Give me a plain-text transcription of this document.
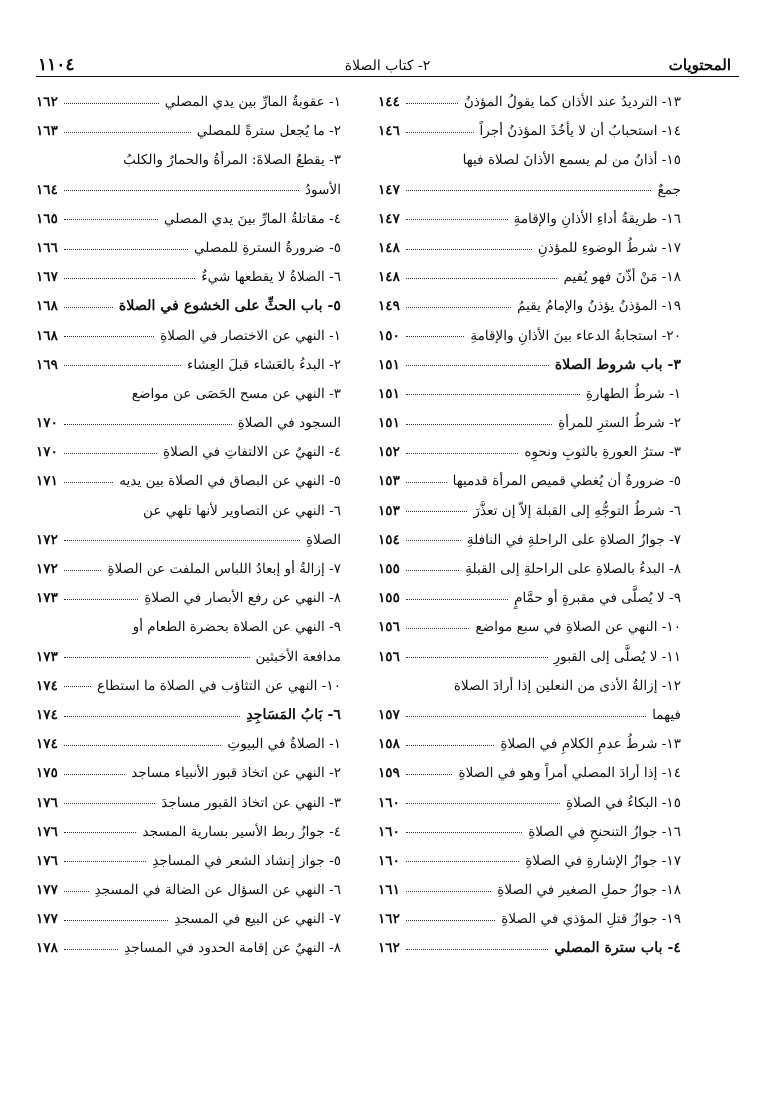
المحتويات
٢- كتاب الصلاة
١١٠٤
١٣- الترديدُ عند الأذان كما يقولُ المؤذنُ
١٤٤
١٤- استحبابُ أن لا يأخُذَ المؤذنُ أجراً
١٤٦
١٥- أذانُ من لم يسمع الأذانَ لصلاة فيها
جمعٌ
١٤٧
١٦- طريقةُ أداءِ الأذانِ والإقامةِ
١٤٧
١٧- شرطُ الوضوءِ للمؤذنِ
١٤٨
١٨- مَنْ أذّنَ فهو يُقيم
١٤٨
١٩- المؤذنُ يؤذنُ والإمامُ يقيمُ
١٤٩
٢٠- استجابةُ الدعاء بينَ الأذانِ والإقامةِ
١٥٠
٣- باب شروط الصلاة
١٥١
١- شرطُ الطهارةِ
١٥١
٢- شرطُ السترِ للمرأةِ
١٥١
٣- سترُ العورةِ بالثوبِ ونحوِه
١٥٢
٥- ضرورةُ أن يُغطي قميص المرأة قدميها
١٥٣
٦- شرطُ التوجُّهِ إلى القبلة إلاّ إن تعذَّرَ
١٥٣
٧- جوازُ الصلاةِ على الراحلةِ في النافلةِ
١٥٤
٨- البدءُ بالصلاةِ على الراحلةِ إلى القبلةِ
١٥٥
٩- لا يُصلَّى في مقبرةٍ أو حمَّامٍ
١٥٥
١٠- النهي عن الصلاةِ في سبع مواضع
١٥٦
١١- لا يُصلَّى إلى القبورِ
١٥٦
١٢- إزالةُ الأذى من النعلين إذا أرادَ الصلاة
فيهما
١٥٧
١٣- شرطُ عدمِ الكلامِ في الصلاةِ
١٥٨
١٤- إذا أرادَ المصلي أمراً وهو في الصلاةِ
١٥٩
١٥- البكاءُ في الصلاةِ
١٦٠
١٦- جوازُ التنحنحِ في الصلاةِ
١٦٠
١٧- جوازُ الإشارةِ في الصلاةِ
١٦٠
١٨- جوازُ حملِ الصغير في الصلاةِ
١٦١
١٩- جوازُ قتلِ المؤذي في الصلاةِ
١٦٢
٤- باب سترة المصلي
١٦٢
١- عقوبةُ المارِّ بين يدي المصلي
١٦٢
٢- ما يُجعل سترةً للمصلي
١٦٣
٣- يقطعُ الصلاةَ: المرأةُ والحمارُ والكلبُ
الأسودُ
١٦٤
٤- مقاتلةُ المارِّ بينَ يدي المصلي
١٦٥
٥- ضرورةُ السترةِ للمصلي
١٦٦
٦- الصلاةُ لا يقطعها شيءٌ
١٦٧
٥- باب الحثِّ على الخشوع في الصلاة
١٦٨
١- النهي عن الاختصار في الصلاةِ
١٦٨
٢- البدءُ بالعَشاء قبلَ العِشاء
١٦٩
٣- النهي عن مسح الحَصَى عن مواضع
السجود في الصلاةِ
١٧٠
٤- النهيُ عن الالتفاتِ في الصلاةِ
١٧٠
٥- النهي عن البصاق في الصلاة بين يديه
١٧١
٦- النهي عن التصاوير لأنها تلهي عن
الصلاةِ
١٧٢
٧- إزالةُ أو إبعادُ اللباس الملفت عن الصلاةِ
١٧٢
٨- النهي عن رفع الأبصار في الصلاةِ
١٧٣
٩- النهي عن الصلاة بحضرة الطعام أو
مدافعة الأخبثين
١٧٣
١٠- النهي عن التثاؤب في الصلاة ما استطاع
١٧٤
٦- بَابُ المَسَاجِدِ
١٧٤
١- الصلاةُ في البيوتِ
١٧٤
٢- النهي عن اتخاذ قبور الأنبياء مساجد
١٧٥
٣- النهي عن اتخاذ القبور مساجدَ
١٧٦
٤- جوازُ ربط الأسير بسارية المسجد
١٧٦
٥- جواز إنشاد الشعر في المساجدِ
١٧٦
٦- النهي عن السؤال عن الضالة في المسجدِ
١٧٧
٧- النهي عن البيع في المسجدِ
١٧٧
٨- النهيُ عن إقامة الحدود في المساجدِ
١٧٨
